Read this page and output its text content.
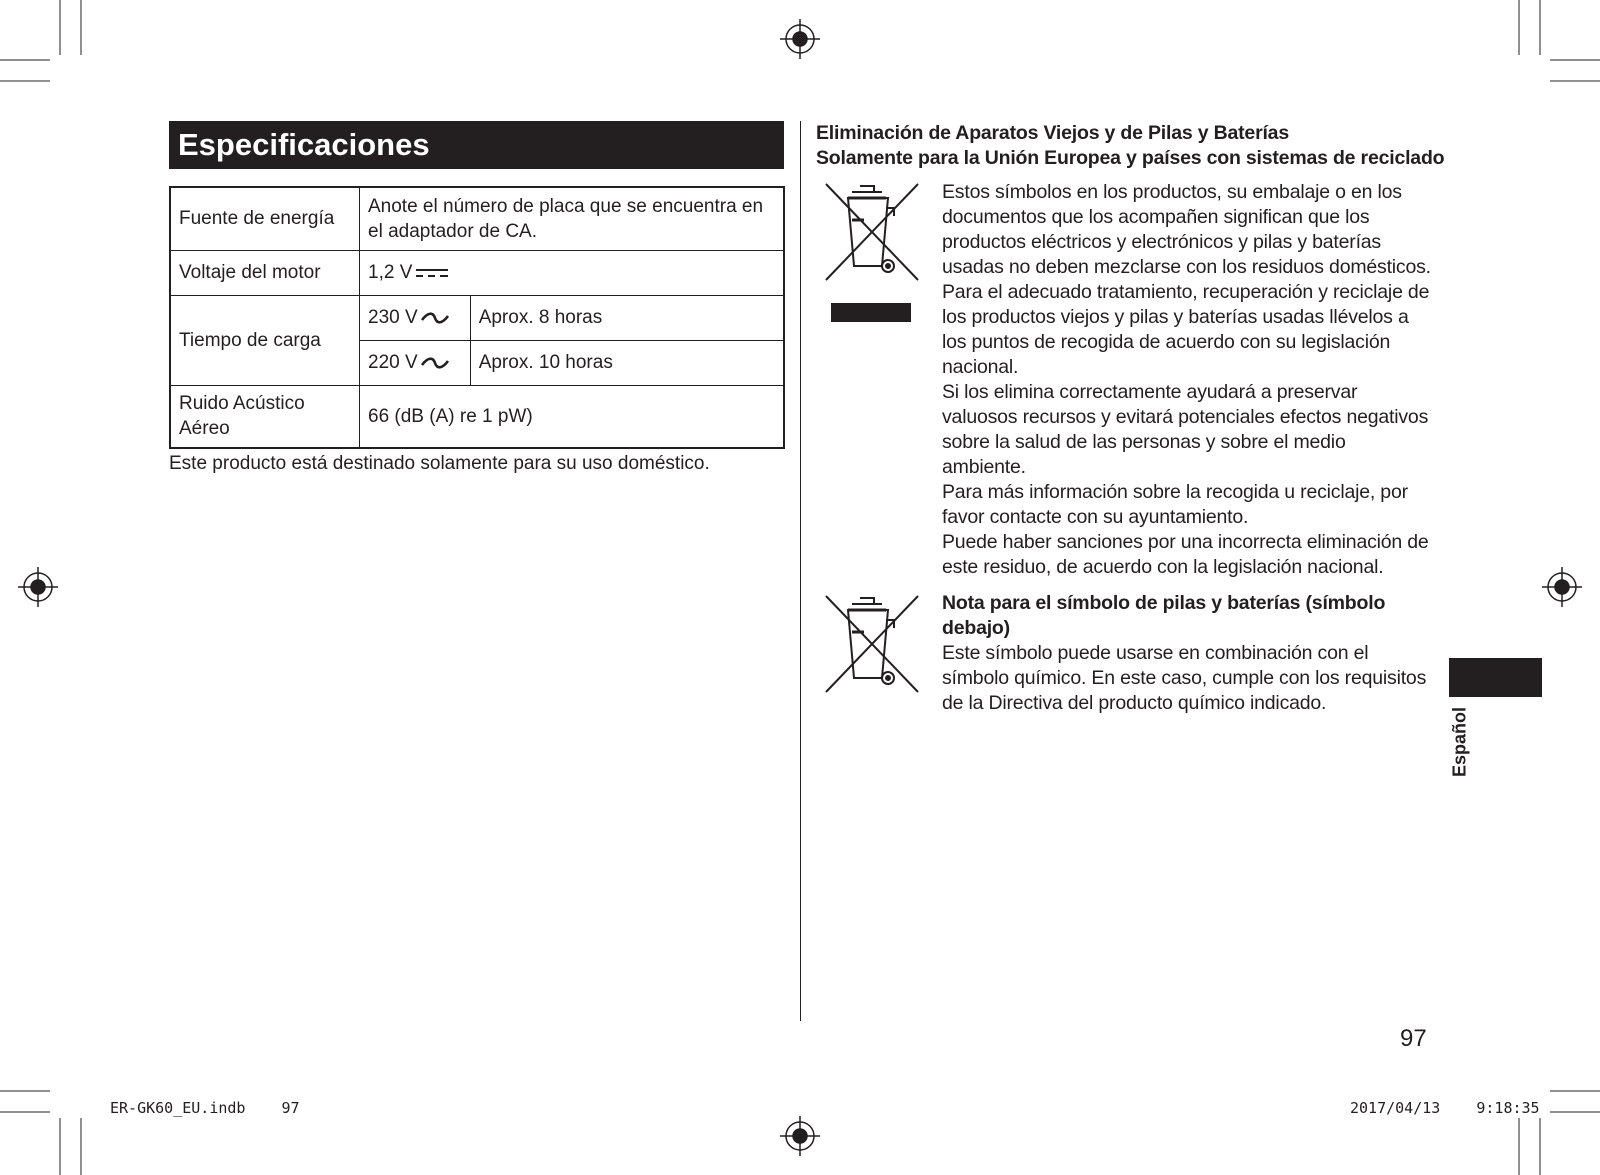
Especificaciones
Fuente de energía	Anote el número de placa que se encuentra en el adaptador de CA.	
Voltaje del motor	1,2 V	
Tiempo de carga	230 V	Aprox. 8 horas
	220 V	Aprox. 10 horas
Ruido Acústico Aéreo	66 (dB (A) re 1 pW)	
Este producto está destinado solamente para su uso doméstico.
Eliminación de Aparatos Viejos y de Pilas y Baterías
Solamente para la Unión Europea y países con sistemas de reciclado

Estos símbolos en los productos, su embalaje o en los documentos que los acompañen significan que los productos eléctricos y electrónicos y pilas y baterías usadas no deben mezclarse con los residuos domésticos.

Para el adecuado tratamiento, recuperación y reciclaje de los productos viejos y pilas y baterías usadas llévelos a los puntos de recogida de acuerdo con su legislación nacional.

Si los elimina correctamente ayudará a preservar valuosos recursos y evitará potenciales efectos negativos sobre la salud de las personas y sobre el medio ambiente.

Para más información sobre la recogida u reciclaje, por favor contacte con su ayuntamiento.

Puede haber sanciones por una incorrecta eliminación de este residuo, de acuerdo con la legislación nacional.

Nota para el símbolo de pilas y baterías (símbolo debajo)

Este símbolo puede usarse en combinación con el símbolo químico. En este caso, cumple con los requisitos de la Directiva del producto químico indicado.

Español
97
ER-GK60_EU.indb 97	2017/04/13 9:18:35
